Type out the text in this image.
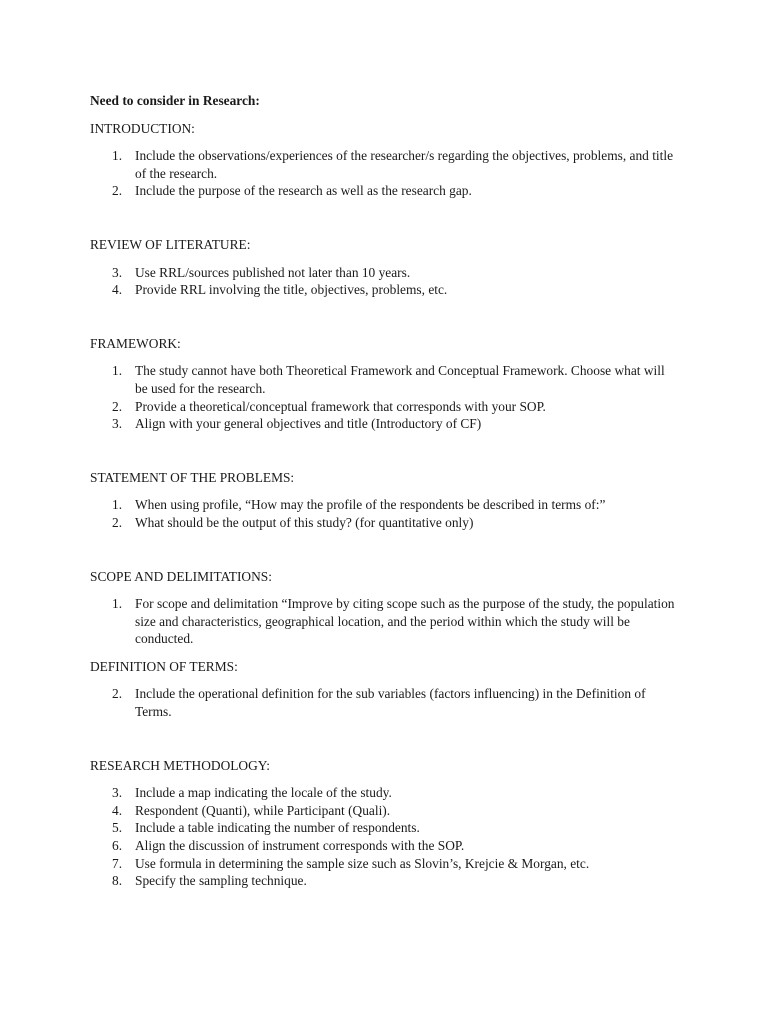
Need to consider in Research:

INTRODUCTION:

1. Include the observations/experiences of the researcher/s regarding the objectives, problems, and title of the research.
2. Include the purpose of the research as well as the research gap.

REVIEW OF LITERATURE:

3. Use RRL/sources published not later than 10 years.
4. Provide RRL involving the title, objectives, problems, etc.

FRAMEWORK:

1. The study cannot have both Theoretical Framework and Conceptual Framework. Choose what will be used for the research.
2. Provide a theoretical/conceptual framework that corresponds with your SOP.
3. Align with your general objectives and title (Introductory of CF)

STATEMENT OF THE PROBLEMS:

1. When using profile, “How may the profile of the respondents be described in terms of:”
2. What should be the output of this study? (for quantitative only)

SCOPE AND DELIMITATIONS:

1. For scope and delimitation “Improve by citing scope such as the purpose of the study, the population size and characteristics, geographical location, and the period within which the study will be conducted.

DEFINITION OF TERMS:

2. Include the operational definition for the sub variables (factors influencing) in the Definition of Terms.

RESEARCH METHODOLOGY:

3. Include a map indicating the locale of the study.
4. Respondent (Quanti), while Participant (Quali).
5. Include a table indicating the number of respondents.
6. Align the discussion of instrument corresponds with the SOP.
7. Use formula in determining the sample size such as Slovin’s, Krejcie & Morgan, etc.
8. Specify the sampling technique.
